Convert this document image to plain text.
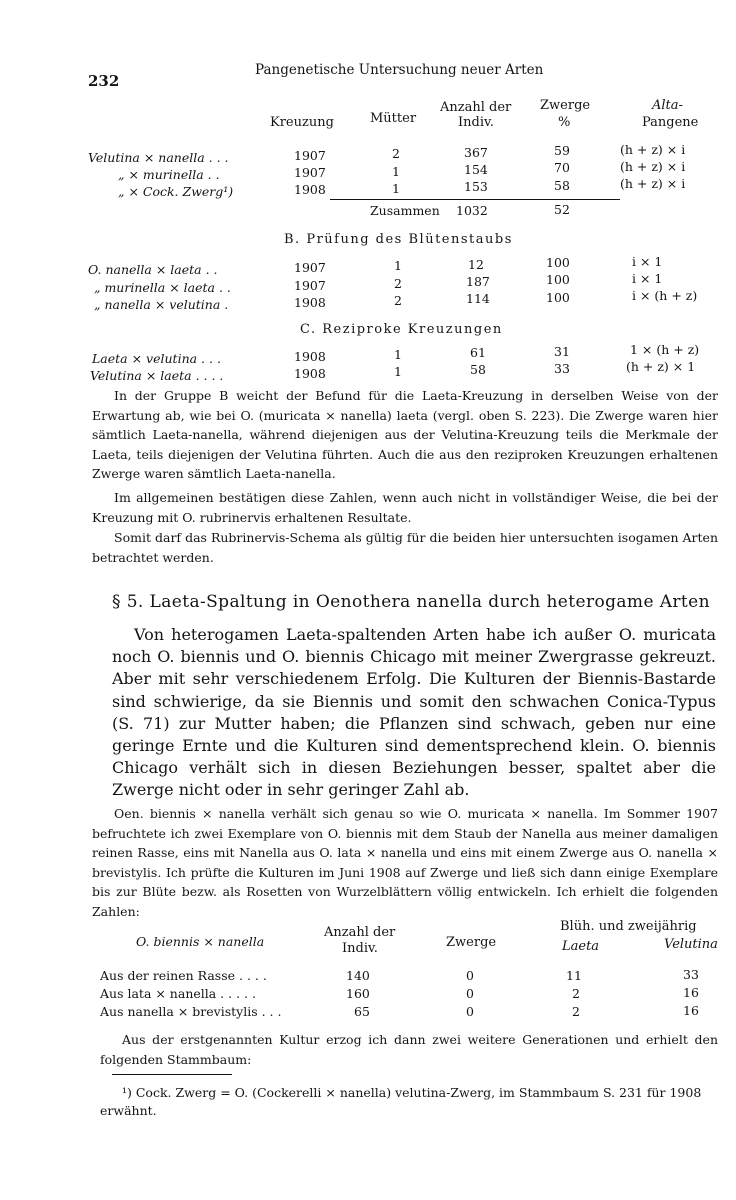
232
Pangenetische Untersuchung neuer Arten
Kreuzung	Mütter
Anzahl der
Indiv.
Zwerge
%
Alta-
Pangene
Velutina × nanella . . .	1907	2	367	59	(h + z) × i
„ × murinella . .	1907	1	154	70	(h + z) × i
„ × Cock. Zwerg¹)	1908	1	153	58	(h + z) × i
Zusammen 1032	52
B. Prüfung des Blütenstaubs
O. nanella × laeta . .	1907	1	12	100	i × 1
„ murinella × laeta . .	1907	2	187	100	i × 1
„ nanella × velutina .	1908	2	114	100	i × (h + z)
C. Reziproke Kreuzungen
Laeta × velutina . . .	1908	1	61	31	1 × (h + z)
Velutina × laeta . . . .	1908	1	58	33	(h + z) × 1
In der Gruppe B weicht der Befund für die Laeta-Kreuzung in derselben Weise von der Erwartung ab, wie bei O. (muricata × nanella) laeta (vergl. oben S. 223). Die Zwerge waren hier sämtlich Laeta-nanella, während diejenigen aus der Velutina-Kreuzung teils die Merkmale der Laeta, teils diejenigen der Velutina führten. Auch die aus den reziproken Kreuzungen erhaltenen Zwerge waren sämtlich Laeta-nanella.
Im allgemeinen bestätigen diese Zahlen, wenn auch nicht in vollständiger Weise, die bei der Kreuzung mit O. rubrinervis erhaltenen Resultate.
Somit darf das Rubrinervis-Schema als gültig für die beiden hier untersuchten isogamen Arten betrachtet werden.
§ 5. Laeta-Spaltung in Oenothera nanella durch heterogame Arten
Von heterogamen Laeta-spaltenden Arten habe ich außer O. muricata noch O. biennis und O. biennis Chicago mit meiner Zwergrasse gekreuzt. Aber mit sehr verschiedenem Erfolg. Die Kulturen der Biennis-Bastarde sind schwierige, da sie Biennis und somit den schwachen Conica-Typus (S. 71) zur Mutter haben; die Pflanzen sind schwach, geben nur eine geringe Ernte und die Kulturen sind dementsprechend klein. O. biennis Chicago verhält sich in diesen Beziehungen besser, spaltet aber die Zwerge nicht oder in sehr geringer Zahl ab.
Oen. biennis × nanella verhält sich genau so wie O. muricata × nanella. Im Sommer 1907 befruchtete ich zwei Exemplare von O. biennis mit dem Staub der Nanella aus meiner damaligen reinen Rasse, eins mit Nanella aus O. lata × nanella und eins mit einem Zwerge aus O. nanella × brevistylis. Ich prüfte die Kulturen im Juni 1908 auf Zwerge und ließ sich dann einige Exemplare bis zur Blüte bezw. als Rosetten von Wurzelblättern völlig entwickeln. Ich erhielt die folgenden Zahlen:
O. biennis × nanella
Anzahl der
Indiv.	Zwerge
Blüh. und zweijährig
Laeta	Velutina
Aus der reinen Rasse . . . .	140	0	11	33
Aus lata × nanella . . . . .	160	0	2	16
Aus nanella × brevistylis . . .	65	0	2	16
Aus der erstgenannten Kultur erzog ich dann zwei weitere Generationen und erhielt den folgenden Stammbaum:
¹) Cock. Zwerg = O. (Cockerelli × nanella) velutina-Zwerg, im Stammbaum S. 231 für 1908 erwähnt.
